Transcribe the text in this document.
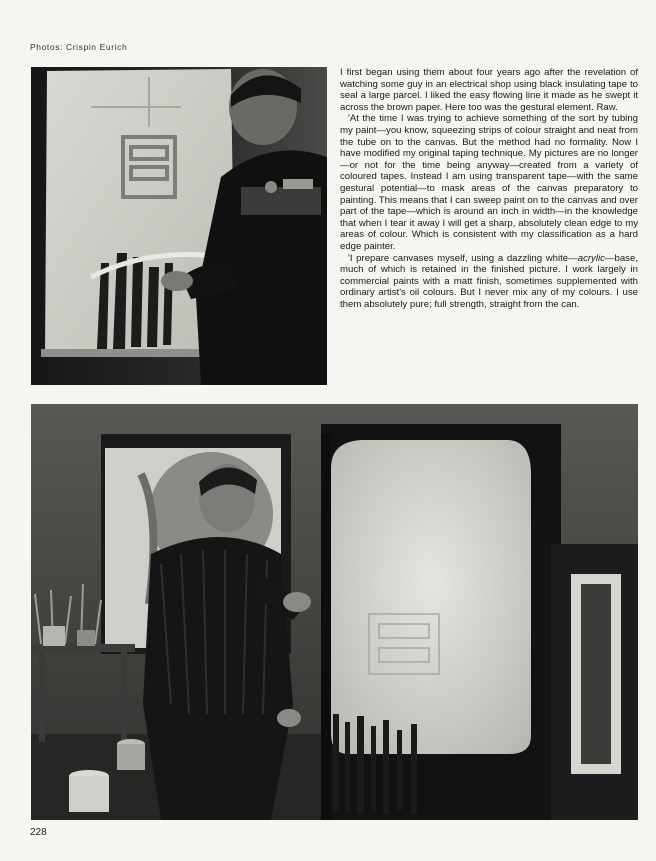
Photos: Crispin Eurich

I first began using them about four years ago after the revelation of watching some guy in an electrical shop using black insulating tape to seal a large parcel. I liked the easy flowing line it made as he swept it across the brown paper. Here too was the gestural element. Raw.

'At the time I was trying to achieve something of the sort by tubing my paint—you know, squeezing strips of colour straight and neat from the tube on to the canvas. But the method had no formality. Now I have modified my original taping technique. My pictures are no longer—or not for the time being anyway—created from a variety of coloured tapes. Instead I am using transparent tape—with the same gestural potential—to mask areas of the canvas preparatory to painting. This means that I can sweep paint on to the canvas and over part of the tape—which is around an inch in width—in the knowledge that when I tear it away I will get a sharp, absolutely clean edge to my areas of colour. Which is consistent with my classification as a hard edge painter.

'I prepare canvases myself, using a dazzling white—acrylic—base, much of which is retained in the finished picture. I work largely in commercial paints with a matt finish, sometimes supplemented with ordinary artist's oil colours. But I never mix any of my colours. I use them absolutely pure; full strength, straight from the can.

228
